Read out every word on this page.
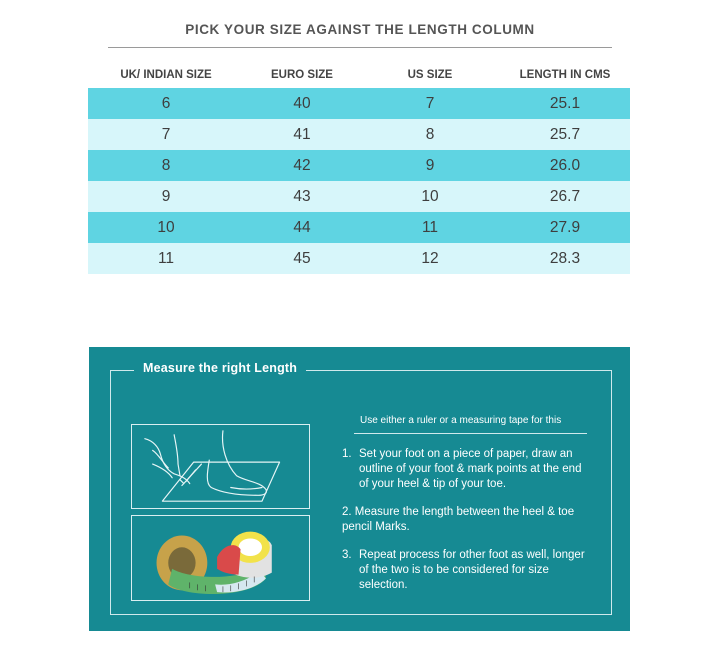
PICK YOUR SIZE AGAINST THE LENGTH COLUMN
UK/ INDIAN SIZE	EURO SIZE	US SIZE	LENGTH IN CMS
6	40	7	25.1
7	41	8	25.7
8	42	9	26.0
9	43	10	26.7
10	44	11	27.9
11	45	12	28.3
Measure the right Length
Use either a ruler or a measuring tape for this
1. Set your foot on a piece of paper, draw an outline of your foot & mark points at the end of your heel & tip of your toe.
2. Measure the length between the heel & toe          pencil Marks.
3. Repeat process for other foot as well, longer of the two is to be considered for size selection.
